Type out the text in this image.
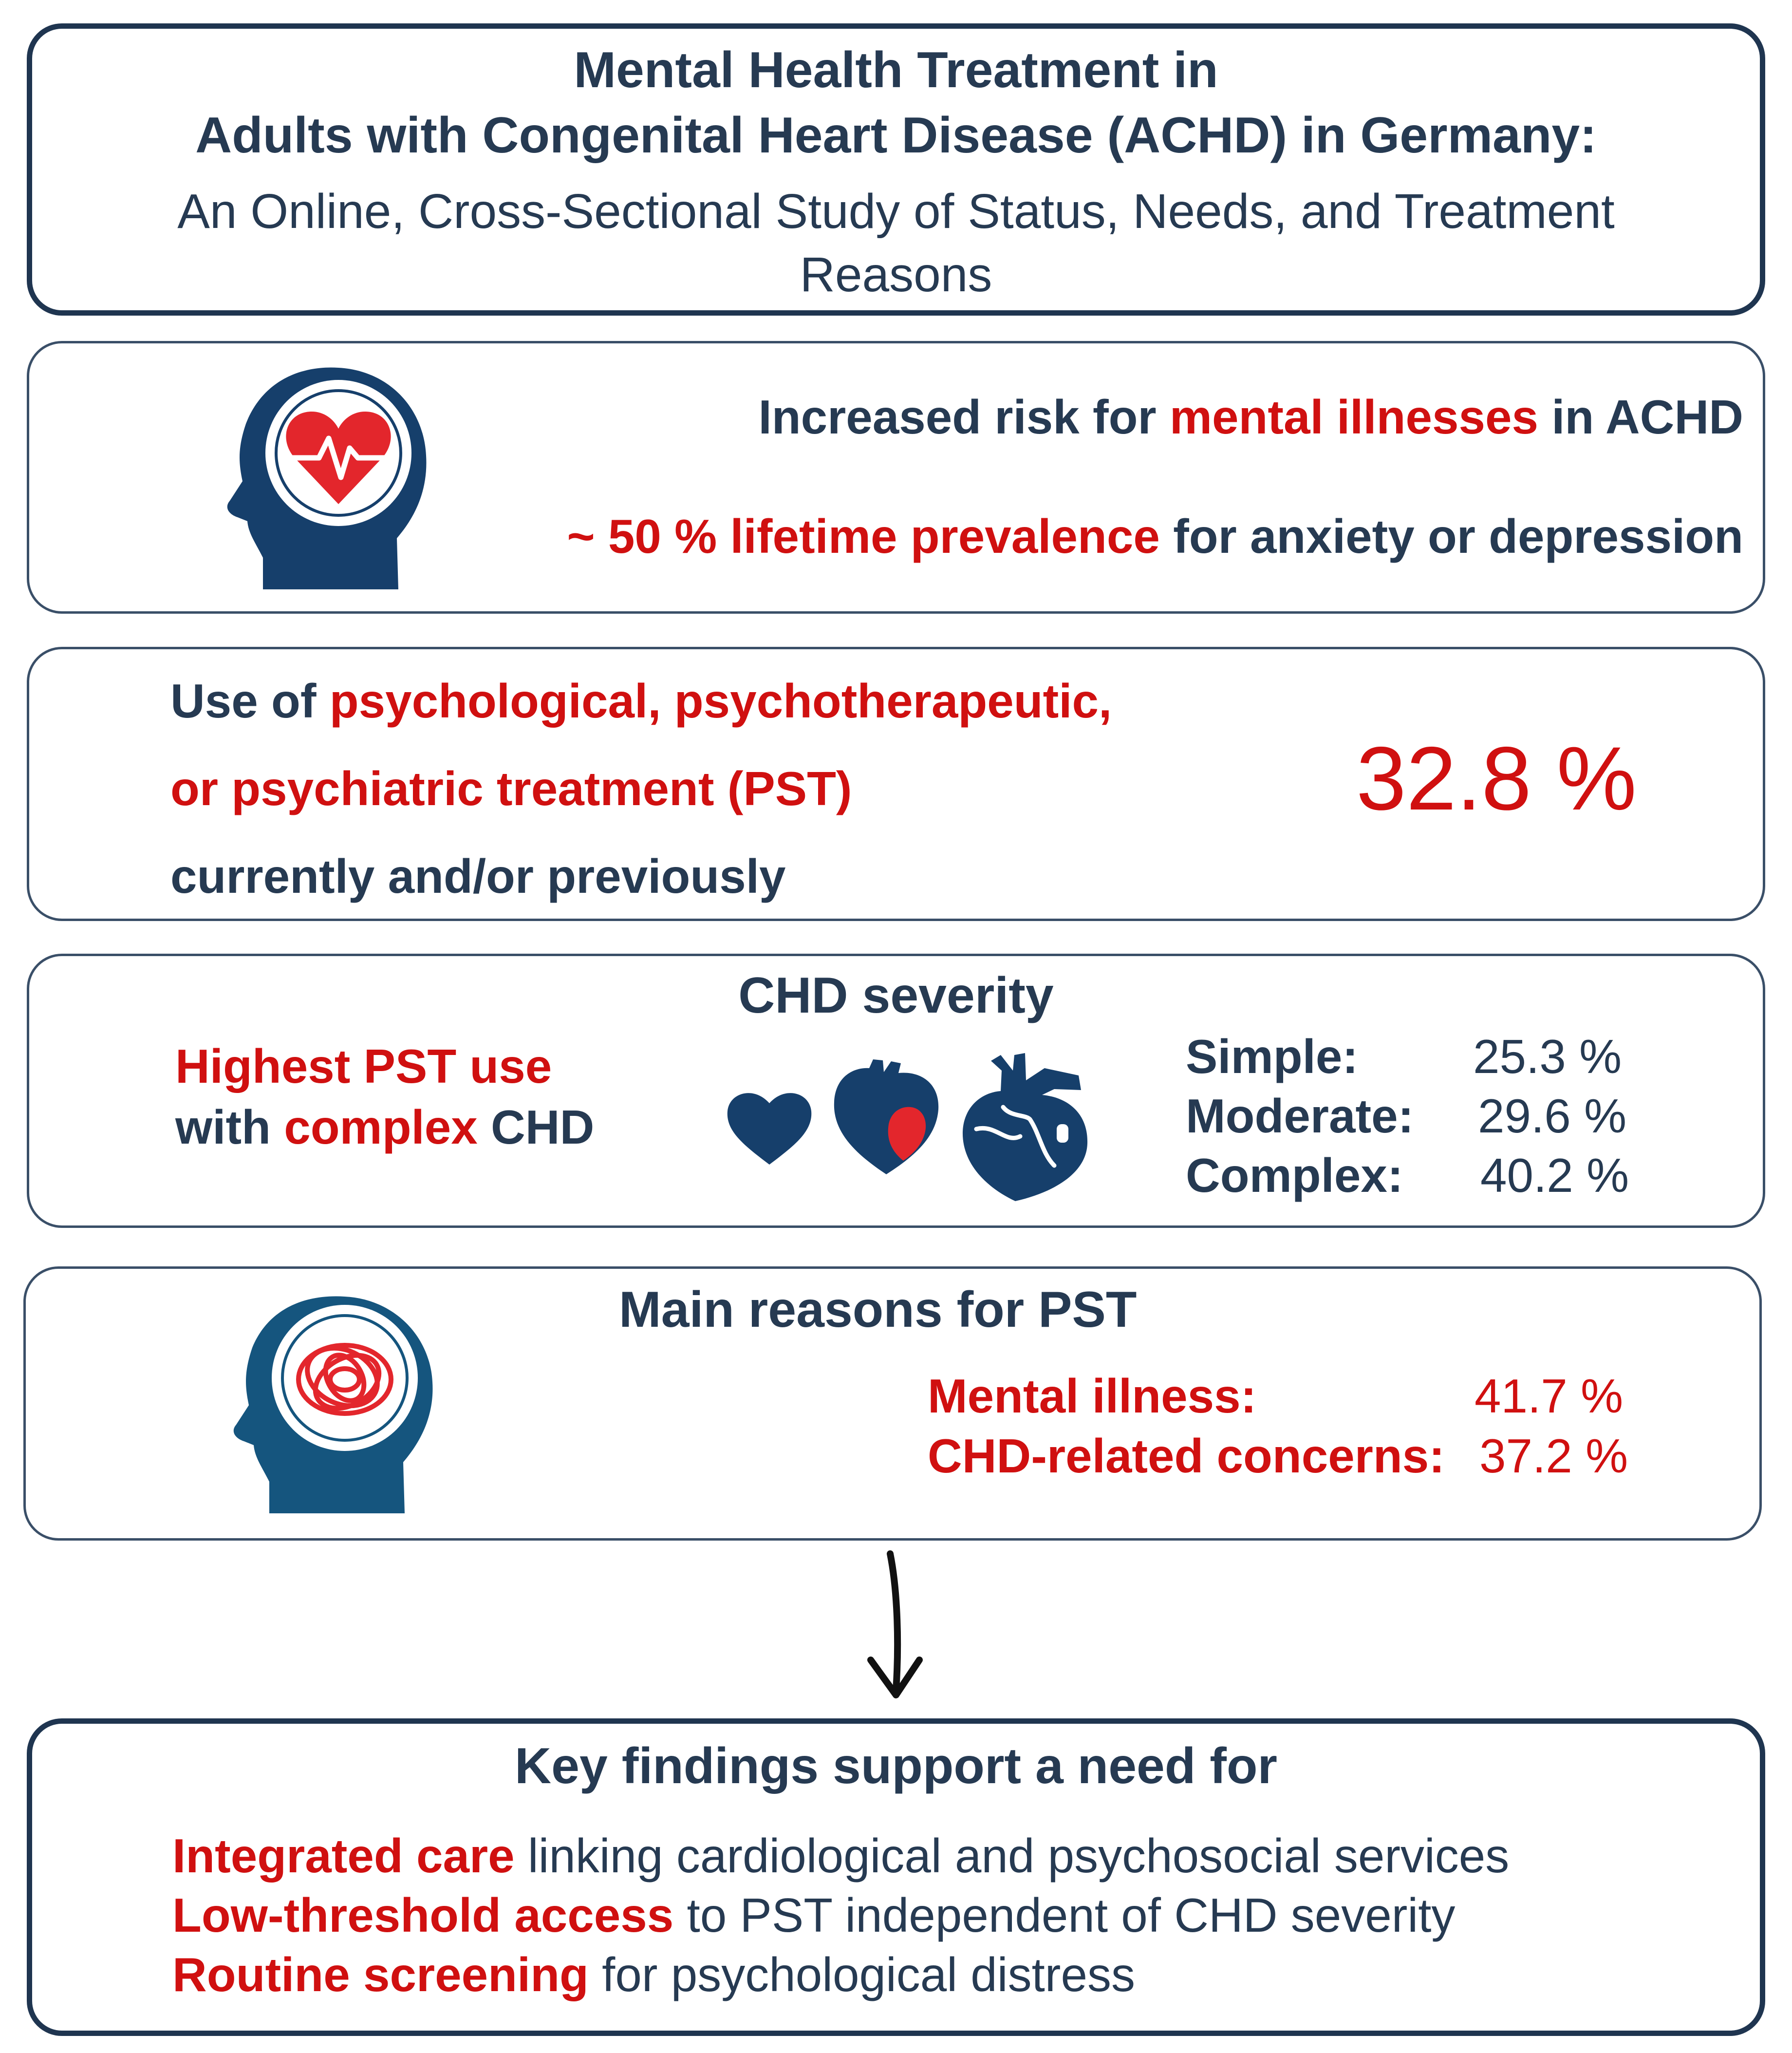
Mental Health Treatment in
Adults with Congenital Heart Disease (ACHD) in Germany:
An Online, Cross-Sectional Study of Status, Needs, and Treatment
Reasons
Increased risk for mental illnesses in ACHD
~ 50 % lifetime prevalence for anxiety or depression
Use of psychological, psychotherapeutic,
or psychiatric treatment (PST)
currently and/or previously
32.8 %
CHD severity
Highest PST use
with complex CHD
Simple: 25.3 %
Moderate: 29.6 %
Complex: 40.2 %
Main reasons for PST
Mental illness:	41.7 %
CHD-related concerns: 37.2 %
Key findings support a need for
Integrated care linking cardiological and psychosocial services
Low-threshold access to PST independent of CHD severity
Routine screening for psychological distress
